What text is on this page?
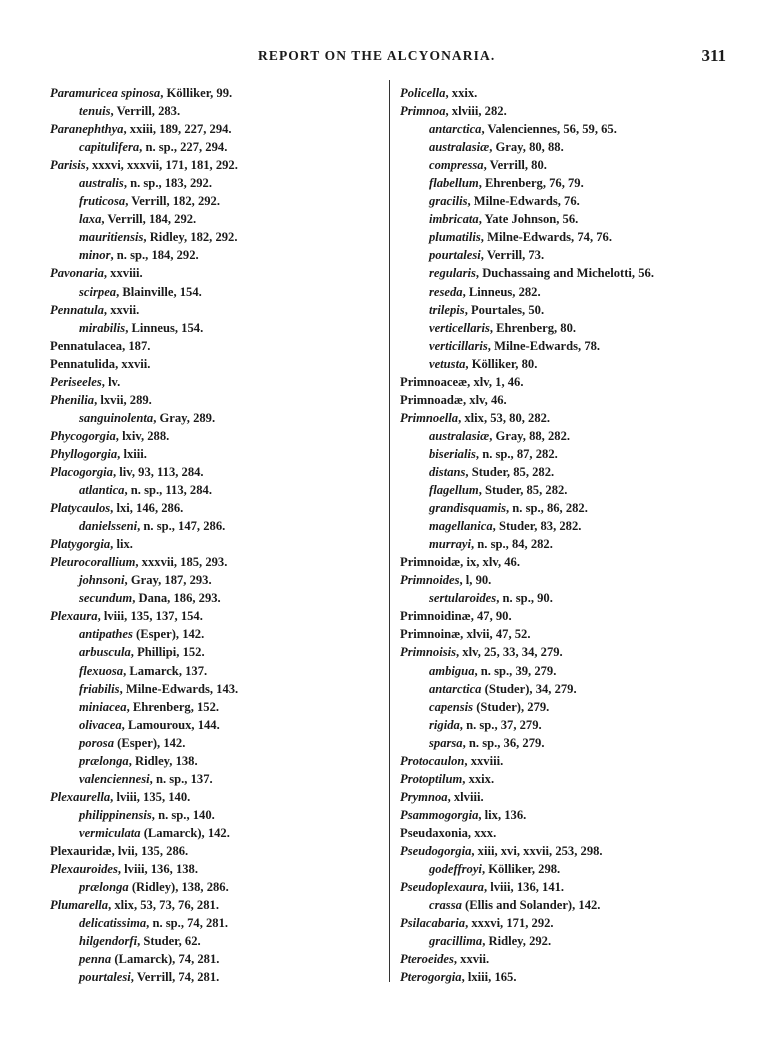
REPORT ON THE ALCYONARIA.	311
Paramuricea spinosa, Kölliker, 99.
tenuis, Verrill, 283.
Paranephthya, xxiii, 189, 227, 294.
capitulifera, n. sp., 227, 294.
Parisis, xxxvi, xxxvii, 171, 181, 292.
australis, n. sp., 183, 292.
fruticosa, Verrill, 182, 292.
laxa, Verrill, 184, 292.
mauritiensis, Ridley, 182, 292.
minor, n. sp., 184, 292.
Pavonaria, xxviii.
scirpea, Blainville, 154.
Pennatula, xxvii.
mirabilis, Linneus, 154.
Pennatulacea, 187.
Pennatulida, xxvii.
Periseeles, lv.
Phenilia, lxvii, 289.
sanguinolenta, Gray, 289.
Phycogorgia, lxiv, 288.
Phyllogorgia, lxiii.
Placogorgia, liv, 93, 113, 284.
atlantica, n. sp., 113, 284.
Platycaulos, lxi, 146, 286.
danielsseni, n. sp., 147, 286.
Platygorgia, lix.
Pleurocorallium, xxxvii, 185, 293.
johnsoni, Gray, 187, 293.
secundum, Dana, 186, 293.
Plexaura, lviii, 135, 137, 154.
antipathes (Esper), 142.
arbuscula, Phillipi, 152.
flexuosa, Lamarck, 137.
friabilis, Milne-Edwards, 143.
miniacea, Ehrenberg, 152.
olivacea, Lamouroux, 144.
porosa (Esper), 142.
prælonga, Ridley, 138.
valenciennesi, n. sp., 137.
Plexaurella, lviii, 135, 140.
philippinensis, n. sp., 140.
vermiculata (Lamarck), 142.
Plexauridæ, lvii, 135, 286.
Plexauroides, lviii, 136, 138.
prælonga (Ridley), 138, 286.
Plumarella, xlix, 53, 73, 76, 281.
delicatissima, n. sp., 74, 281.
hilgendorfi, Studer, 62.
penna (Lamarck), 74, 281.
pourtalesi, Verrill, 74, 281.
Policella, xxix.
Primnoa, xlviii, 282.
antarctica, Valenciennes, 56, 59, 65.
australasiæ, Gray, 80, 88.
compressa, Verrill, 80.
flabellum, Ehrenberg, 76, 79.
gracilis, Milne-Edwards, 76.
imbricata, Yate Johnson, 56.
plumatilis, Milne-Edwards, 74, 76.
pourtalesi, Verrill, 73.
regularis, Duchassaing and Michelotti, 56.
reseda, Linneus, 282.
trilepis, Pourtales, 50.
verticellaris, Ehrenberg, 80.
verticillaris, Milne-Edwards, 78.
vetusta, Kölliker, 80.
Primnoaceæ, xlv, 1, 46.
Primnoadæ, xlv, 46.
Primnoella, xlix, 53, 80, 282.
australasiæ, Gray, 88, 282.
biserialis, n. sp., 87, 282.
distans, Studer, 85, 282.
flagellum, Studer, 85, 282.
grandisquamis, n. sp., 86, 282.
magellanica, Studer, 83, 282.
murrayi, n. sp., 84, 282.
Primnoidæ, ix, xlv, 46.
Primnoides, l, 90.
sertularoides, n. sp., 90.
Primnoidinæ, 47, 90.
Primnoinæ, xlvii, 47, 52.
Primnoisis, xlv, 25, 33, 34, 279.
ambigua, n. sp., 39, 279.
antarctica (Studer), 34, 279.
capensis (Studer), 279.
rigida, n. sp., 37, 279.
sparsa, n. sp., 36, 279.
Protocaulon, xxviii.
Protoptilum, xxix.
Prymnoa, xlviii.
Psammogorgia, lix, 136.
Pseudaxonia, xxx.
Pseudogorgia, xiii, xvi, xxvii, 253, 298.
godeffroyi, Kölliker, 298.
Pseudoplexaura, lviii, 136, 141.
crassa (Ellis and Solander), 142.
Psilacabaria, xxxvi, 171, 292.
gracillima, Ridley, 292.
Pteroeides, xxvii.
Pterogorgia, lxiii, 165.
